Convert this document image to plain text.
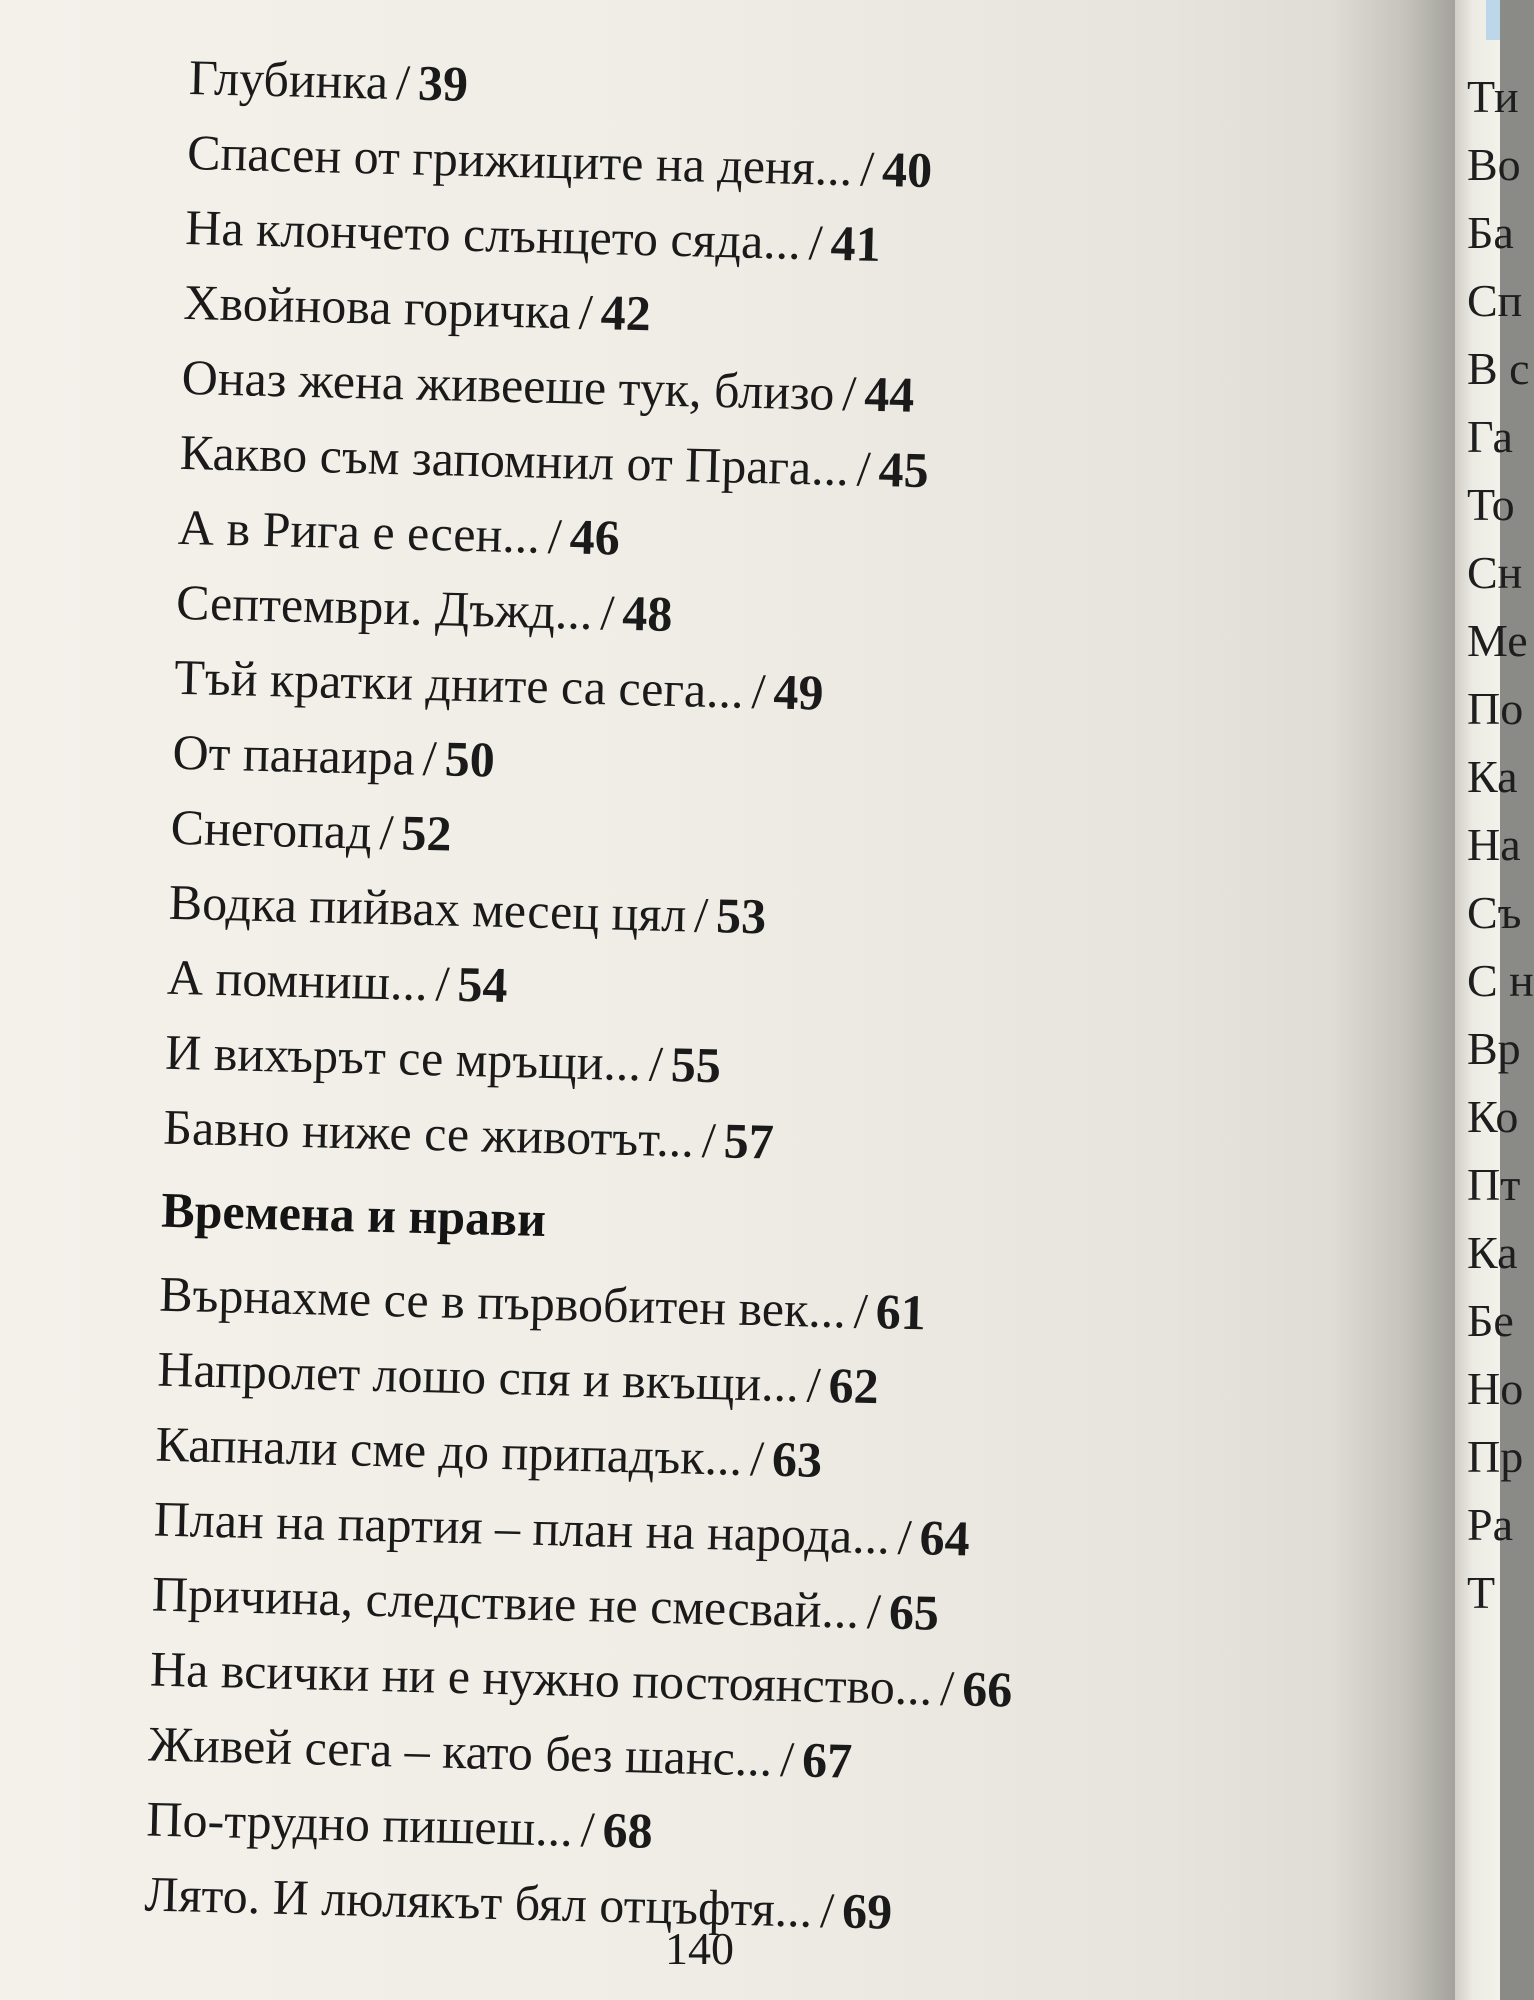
Глубинка / 39
Спасен от грижиците на деня... / 40
На клончето слънцето сяда... / 41
Хвойнова горичка / 42
Оназ жена живееше тук, близо / 44
Какво съм запомнил от Прага... / 45
А в Рига е есен... / 46
Септември. Дъжд... / 48
Тъй кратки дните са сега... / 49
От панаира / 50
Снегопад / 52
Водка пийвах месец цял / 53
А помниш... / 54
И вихърът се мръщи... / 55
Бавно ниже се животът... / 57
Времена и нрави
Върнахме се в първобитен век... / 61
Напролет лошо спя и вкъщи... / 62
Капнали сме до припадък... / 63
План на партия – план на народа... / 64
Причина, следствие не смесвай... / 65
На всички ни е нужно постоянство... / 66
Живей сега – като без шанс... / 67
По-трудно пишеш... / 68
Лято. И люлякът бял отцъфтя... / 69
140
Ти
Во
Ба
Сп
В с
Га
То
Сн
Ме
По
Ка
На
Съ
С н
Вр
Ко
Пт
Ка
Бе
Но
Пр
Ра
Т
